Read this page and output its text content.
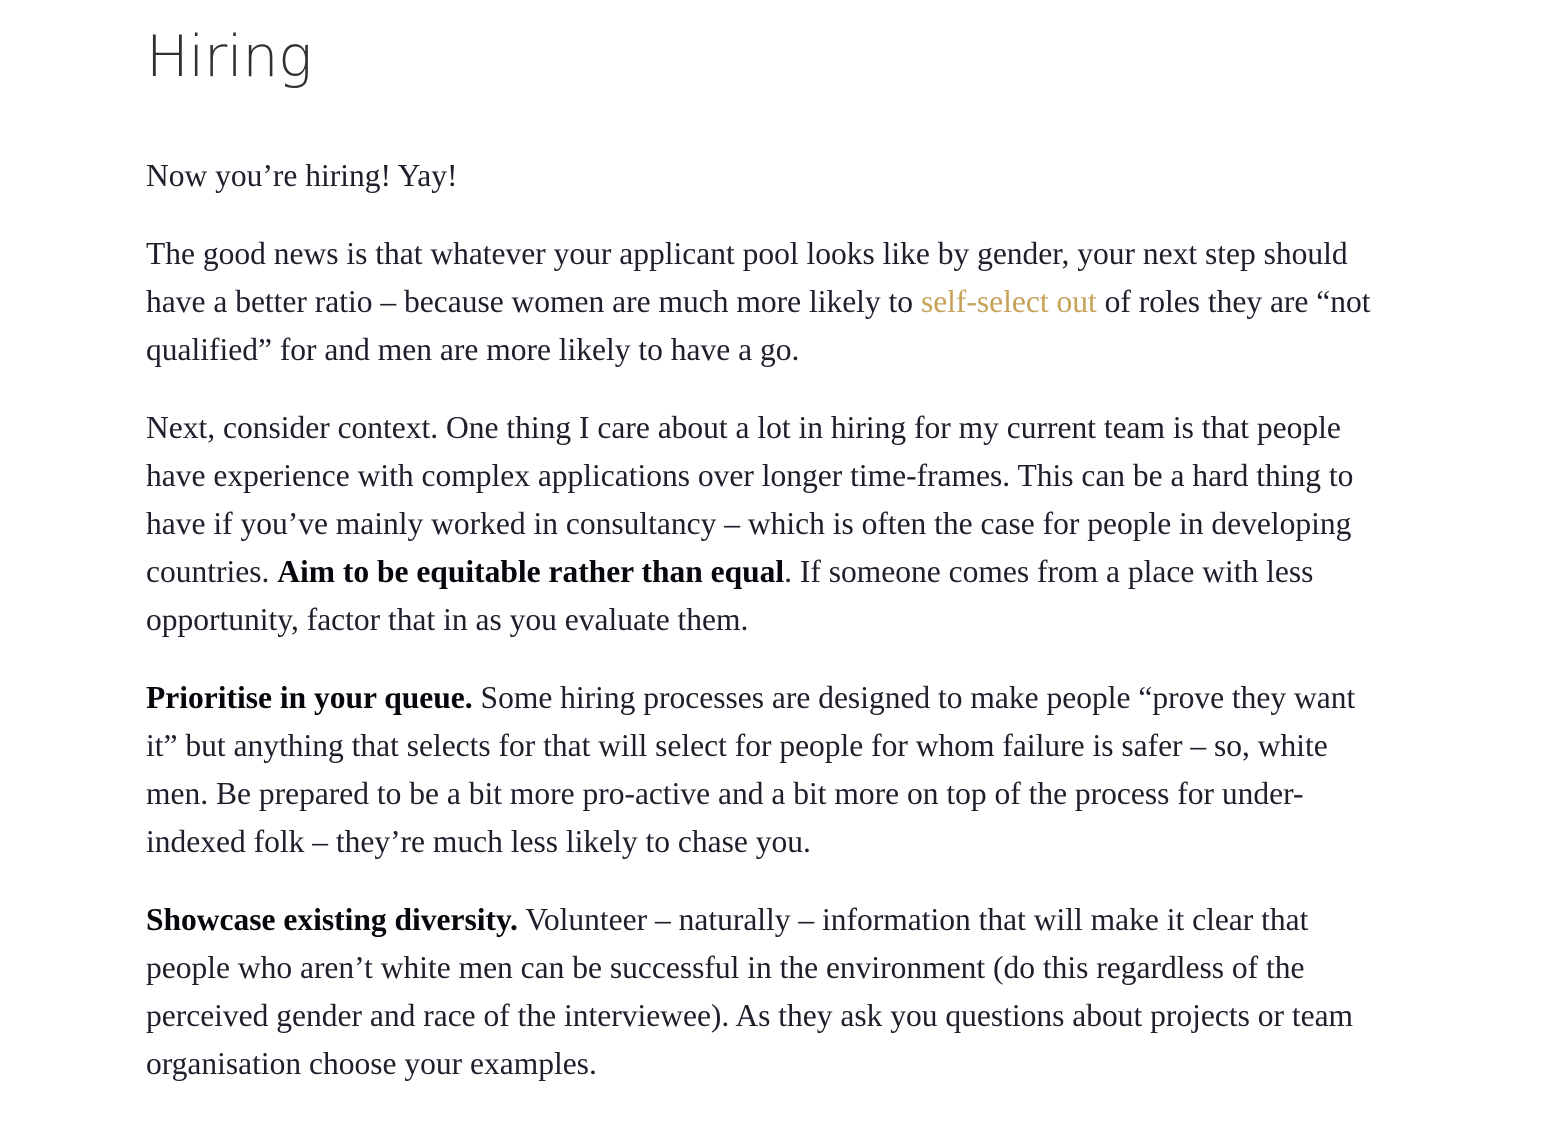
Hiring

Now you’re hiring! Yay!

The good news is that whatever your applicant pool looks like by gender, your next step should have a better ratio – because women are much more likely to self-select out of roles they are “not qualified” for and men are more likely to have a go.

Next, consider context. One thing I care about a lot in hiring for my current team is that people have experience with complex applications over longer time-frames. This can be a hard thing to have if you’ve mainly worked in consultancy – which is often the case for people in developing countries. Aim to be equitable rather than equal. If someone comes from a place with less opportunity, factor that in as you evaluate them.

Prioritise in your queue. Some hiring processes are designed to make people “prove they want it” but anything that selects for that will select for people for whom failure is safer – so, white men. Be prepared to be a bit more pro-active and a bit more on top of the process for under-indexed folk – they’re much less likely to chase you.

Showcase existing diversity. Volunteer – naturally – information that will make it clear that people who aren’t white men can be successful in the environment (do this regardless of the perceived gender and race of the interviewee). As they ask you questions about projects or team organisation choose your examples.
